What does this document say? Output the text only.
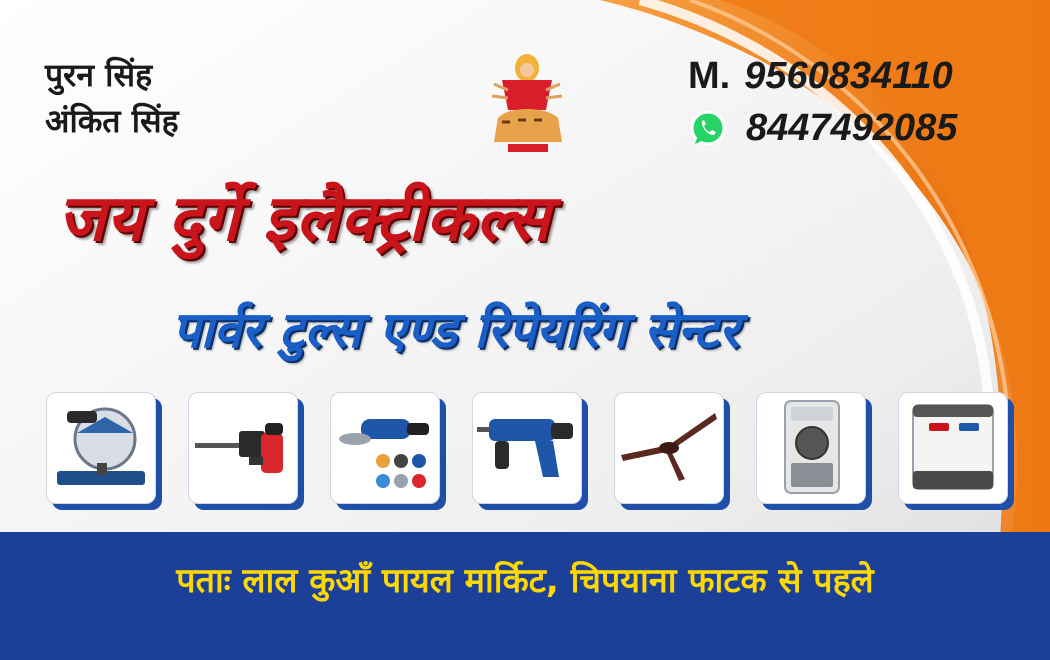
पुरन सिंह
अंकित सिंह
M. 9560834110
8447492085
जय दुर्गे इलैक्ट्रीकल्स
पार्वर टुल्स एण्ड रिपेयरिंग सेन्टर
पताः लाल कुआँ पायल मार्किट, चिपयाना फाटक से पहले
